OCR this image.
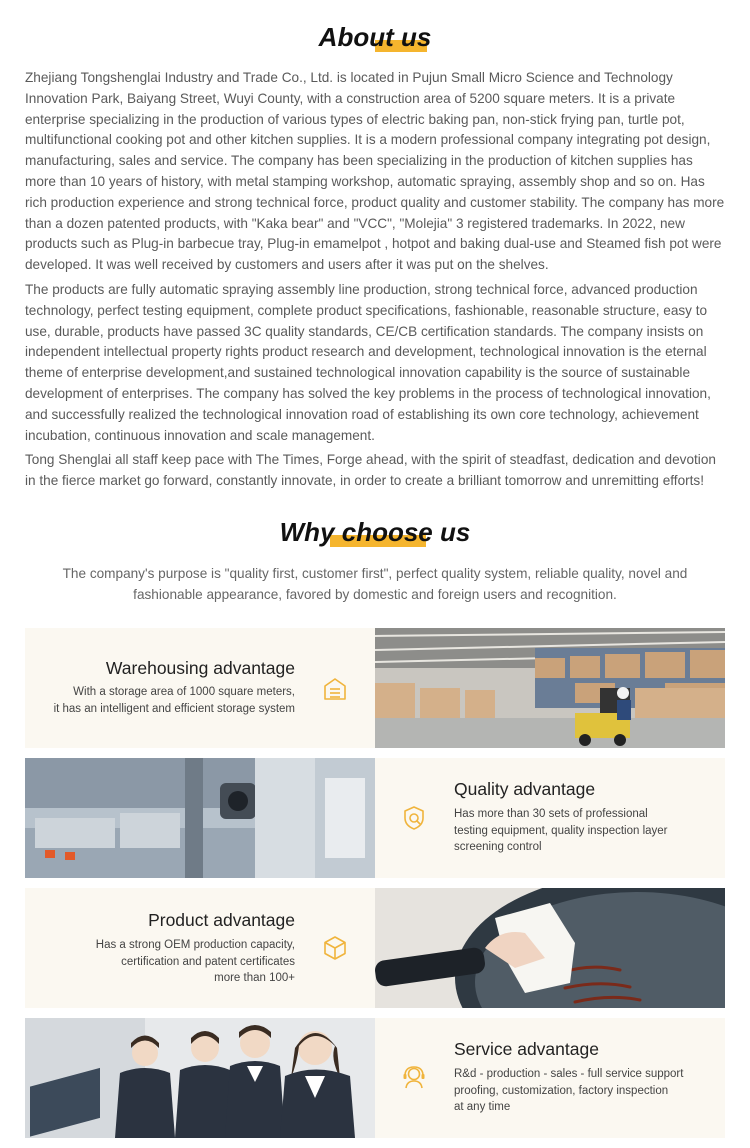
About us

Zhejiang Tongshenglai Industry and Trade Co., Ltd. is located in Pujun Small Micro Science and Technology Innovation Park, Baiyang Street, Wuyi County, with a construction area of 5200 square meters. It is a private enterprise specializing in the production of various types of electric baking pan, non-stick frying pan, turtle pot, multifunctional cooking pot and other kitchen supplies. It is a modern professional company integrating pot design, manufacturing, sales and service. The company has been specializing in the production of kitchen supplies has more than 10 years of history, with metal stamping workshop, automatic spraying, assembly shop and so on. Has rich production experience and strong technical force, product quality and customer stability. The company has more than a dozen patented products, with "Kaka bear" and "VCC", "Molejia" 3 registered trademarks. In 2022, new products such as Plug-in barbecue tray, Plug-in emamelpot , hotpot and baking dual-use and Steamed fish pot were developed. It was well received by customers and users after it was put on the shelves.

The products are fully automatic spraying assembly line production, strong technical force, advanced production technology, perfect testing equipment, complete product specifications, fashionable, reasonable structure, easy to use, durable, products have passed 3C quality standards, CE/CB certification standards. The company insists on independent intellectual property rights product research and development, technological innovation is the eternal theme of enterprise development,and sustained technological innovation capability is the source of sustainable development of enterprises. The company has solved the key problems in the process of technological innovation, and successfully realized the technological innovation road of establishing its own core technology, achievement incubation, continuous innovation and scale management.

Tong Shenglai all staff keep pace with The Times, Forge ahead, with the spirit of steadfast, dedication and devotion in the fierce market go forward, constantly innovate, in order to create a brilliant tomorrow and unremitting efforts!

Why choose us
The company's purpose is "quality first, customer first", perfect quality system, reliable quality, novel and fashionable appearance, favored by domestic and foreign users and recognition.
Warehousing advantage
With a storage area of 1000 square meters,
it has an intelligent and efficient storage system
Quality advantage
Has more than 30 sets of professional
testing equipment, quality inspection layer
screening control
Product advantage
Has a strong OEM production capacity,
certification and patent certificates
more than 100+
Service advantage
R&d - production - sales - full service support
proofing, customization, factory inspection
at any time
